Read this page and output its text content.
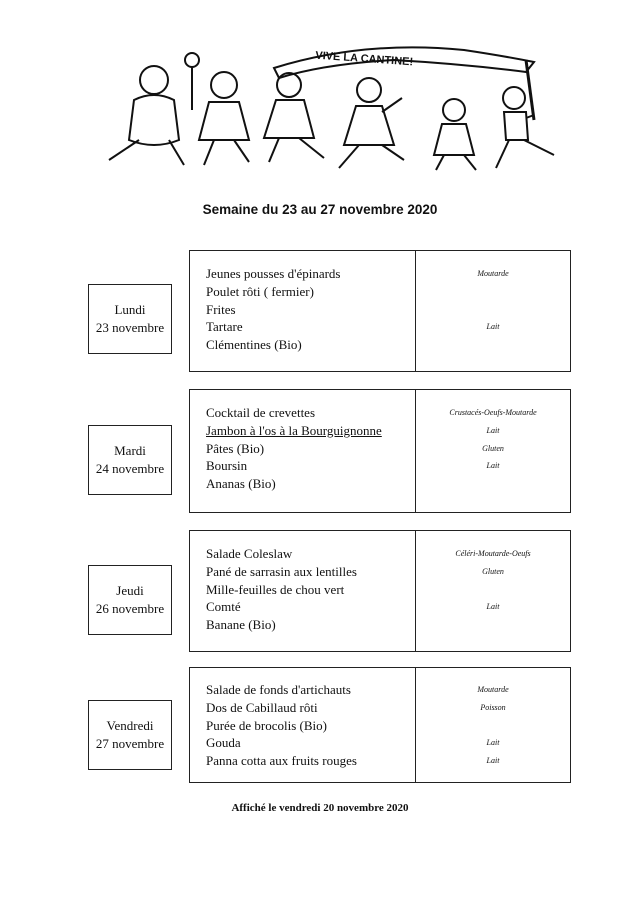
VIVE LA CANTINE!
Semaine du 23 au 27 novembre 2020
Lundi
23 novembre
Jeunes pousses d'épinards
Poulet rôti ( fermier)
Frites
Tartare
Clémentines (Bio)
Moutarde
Lait
Mardi
24 novembre
Cocktail de crevettes
Jambon à l'os à la Bourguignonne
Pâtes (Bio)
Boursin
Ananas (Bio)
Crustacés-Oeufs-Moutarde
Lait
Gluten
Lait
Jeudi
26 novembre
Salade Coleslaw
Pané de sarrasin aux lentilles
Mille-feuilles de chou vert
Comté
Banane (Bio)
Céléri-Moutarde-Oeufs
Gluten
Lait
Vendredi
27 novembre
Salade de fonds d'artichauts
Dos de Cabillaud rôti
Purée de brocolis (Bio)
Gouda
Panna cotta aux fruits rouges
Moutarde
Poisson
Lait
Lait
Affiché le vendredi 20 novembre 2020
